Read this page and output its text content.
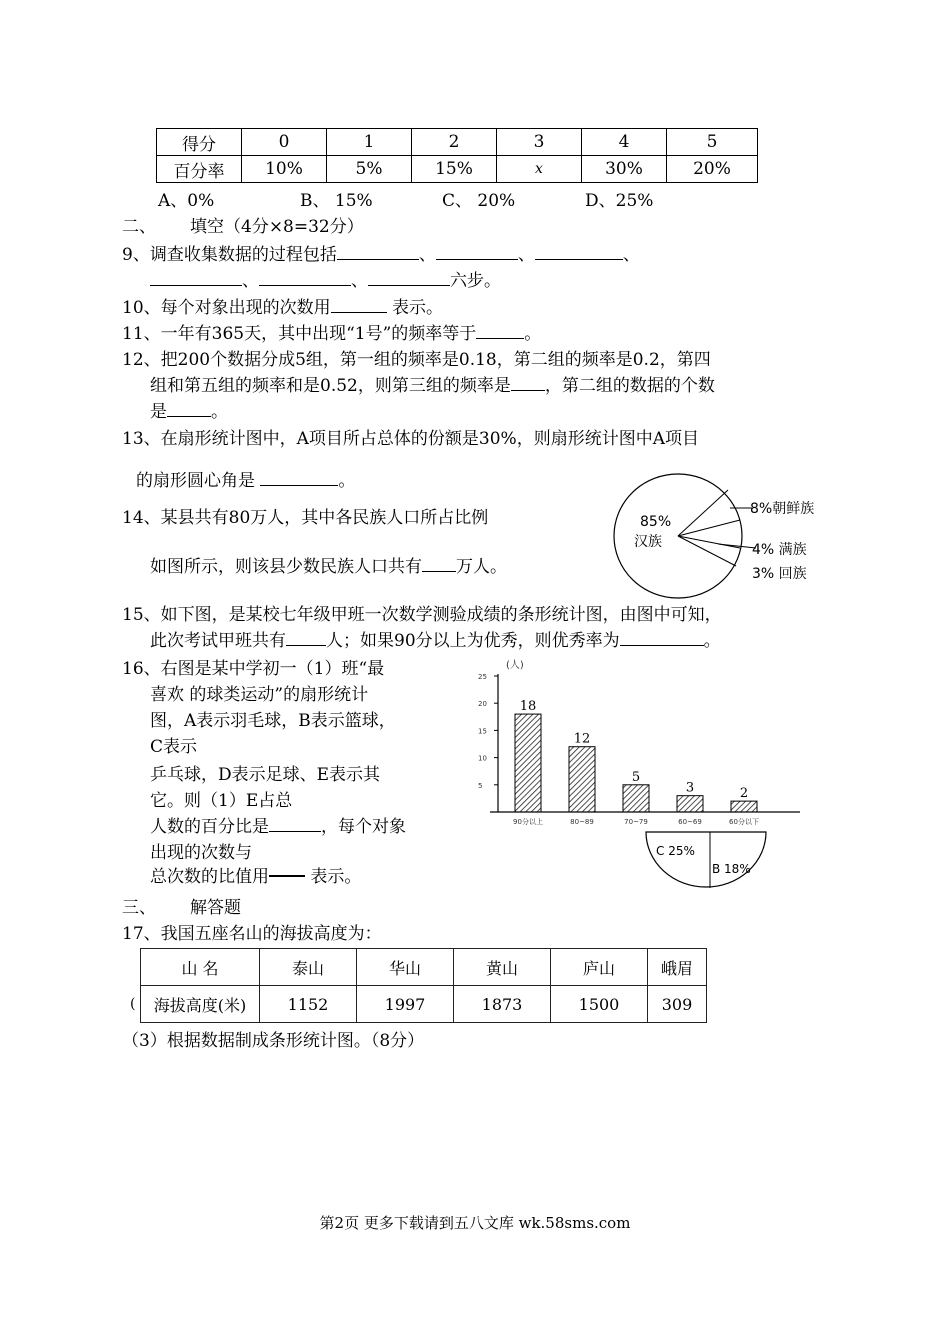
得分	0	1	2	3	4	5
百分率	10%	5%	15%	x	30%	20%
A、0%	B、 15%	C、 20%	D、25%
二、 填空（4分×8=32分）
9、调查收集数据的过程包括	、	、	、
、	、	六步。
10、每个对象出现的次数用	表示。
11、一年有365天，其中出现“1号”的频率等于	。
12、把200个数据分成5组，第一组的频率是0.18，第二组的频率是0.2，第四
组和第五组的频率和是0.52，则第三组的频率是 ，第二组的数据的个数
是	。
13、在扇形统计图中，A项目所占总体的份额是30%，则扇形统计图中A项目
的扇形圆心角是	。
14、某县共有80万人，其中各民族人口所占比例
如图所示，则该县少数民族人口共有 万人。
85%
汉族
8%朝鲜族
4% 满族
3% 回族
15、如下图，是某校七年级甲班一次数学测验成绩的条形统计图，由图中可知，
此次考试甲班共有 人；如果90分以上为优秀，则优秀率为	。
16、右图是某中学初一（1）班“最
喜欢 的球类运动”的扇形统计
图，A表示羽毛球，B表示篮球，
C表示
乒乓球，D表示足球、E表示其
它。则（1）E占总
人数的百分比是	，每个对象
出现的次数与
总次数的比值用 表示。
(人)
5
10
15
20
25
18
90分以上
12
80~89
5
70~79
3
60~69
2
60分以下
C 25%
B 18%
三、 解答题
17、我国五座名山的海拔高度为：
山 名	泰山	华山	黄山	庐山	峨眉
海拔高度(米)	1152	1997	1873	1500	309
(
（3）根据数据制成条形统计图。（8分）
第2页 更多下载请到五八文库 wk.58sms.com
